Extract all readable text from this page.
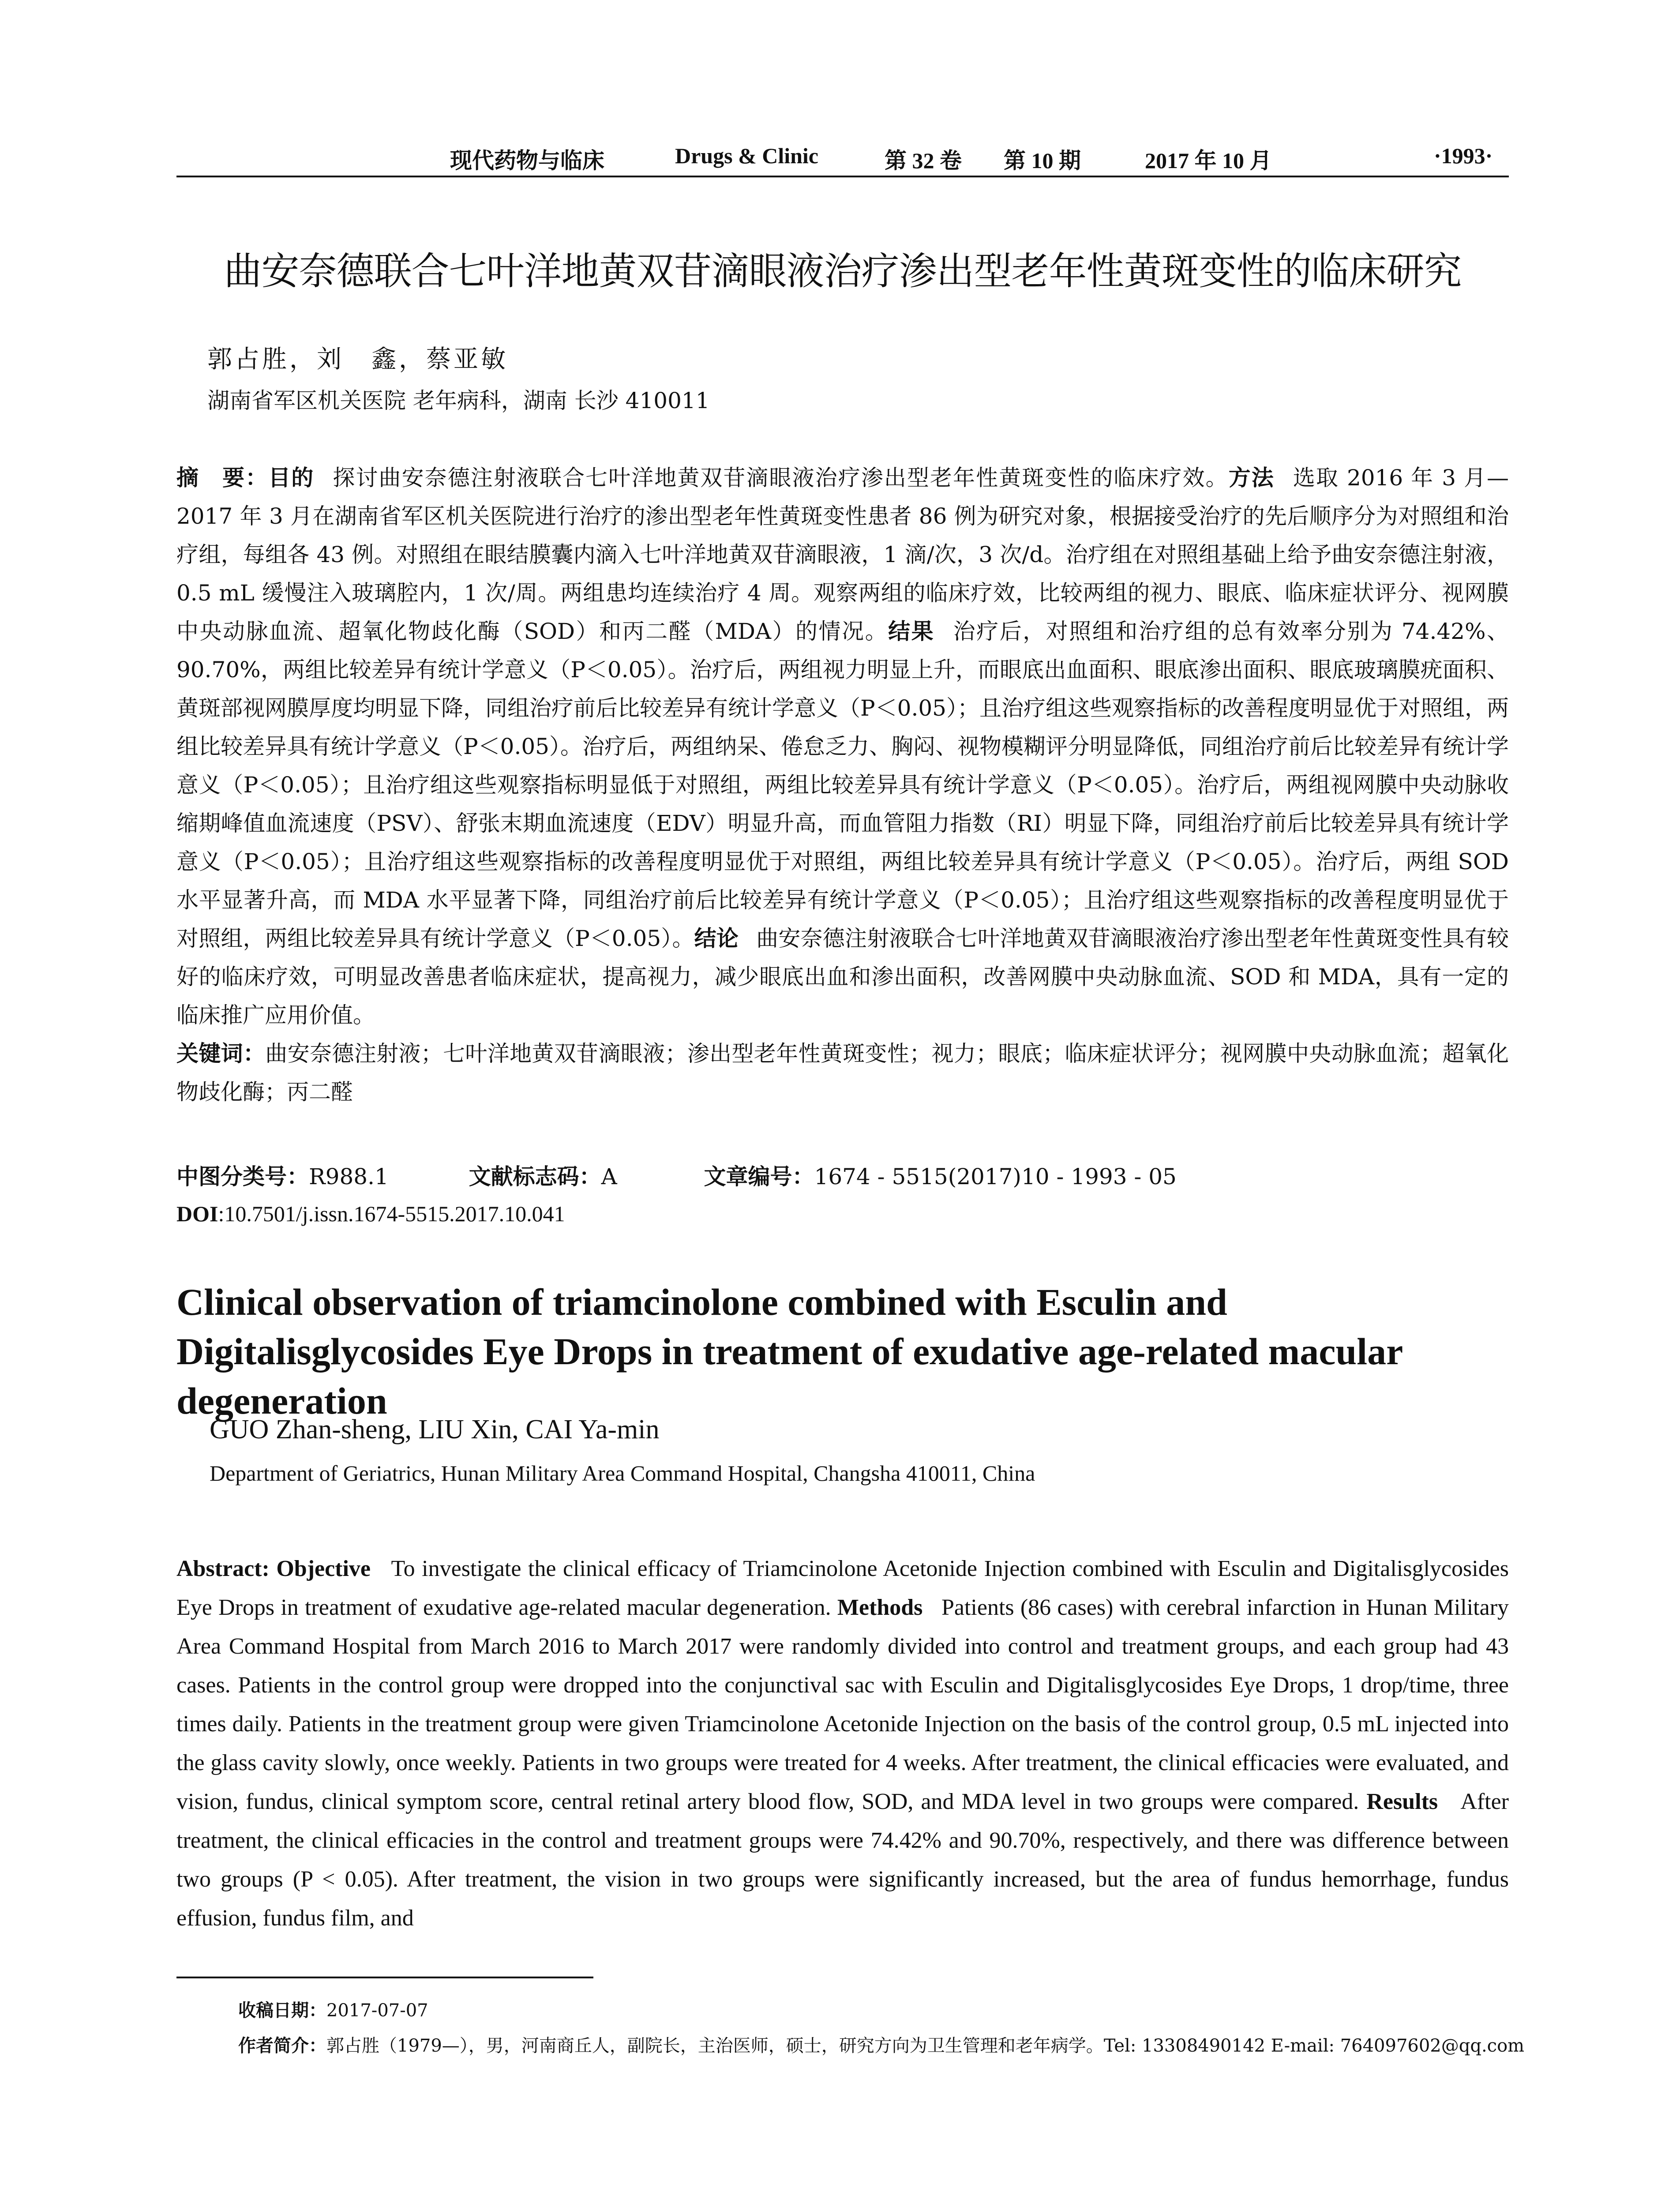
现代药物与临床	Drugs & Clinic	第 32 卷 第 10 期	2017 年 10 月	·1993·
曲安奈德联合七叶洋地黄双苷滴眼液治疗渗出型老年性黄斑变性的临床研究
郭占胜，刘　鑫，蔡亚敏
湖南省军区机关医院 老年病科，湖南 长沙 410011

摘　要：目的 探讨曲安奈德注射液联合七叶洋地黄双苷滴眼液治疗渗出型老年性黄斑变性的临床疗效。方法 选取 2016 年 3 月—2017 年 3 月在湖南省军区机关医院进行治疗的渗出型老年性黄斑变性患者 86 例为研究对象，根据接受治疗的先后顺序分为对照组和治疗组，每组各 43 例。对照组在眼结膜囊内滴入七叶洋地黄双苷滴眼液，1 滴/次，3 次/d。治疗组在对照组基础上给予曲安奈德注射液，0.5 mL 缓慢注入玻璃腔内，1 次/周。两组患均连续治疗 4 周。观察两组的临床疗效，比较两组的视力、眼底、临床症状评分、视网膜中央动脉血流、超氧化物歧化酶（SOD）和丙二醛（MDA）的情况。结果 治疗后，对照组和治疗组的总有效率分别为 74.42%、90.70%，两组比较差异有统计学意义（P＜0.05）。治疗后，两组视力明显上升，而眼底出血面积、眼底渗出面积、眼底玻璃膜疣面积、黄斑部视网膜厚度均明显下降，同组治疗前后比较差异有统计学意义（P＜0.05）；且治疗组这些观察指标的改善程度明显优于对照组，两组比较差异具有统计学意义（P＜0.05）。治疗后，两组纳呆、倦怠乏力、胸闷、视物模糊评分明显降低，同组治疗前后比较差异有统计学意义（P＜0.05）；且治疗组这些观察指标明显低于对照组，两组比较差异具有统计学意义（P＜0.05）。治疗后，两组视网膜中央动脉收缩期峰值血流速度（PSV）、舒张末期血流速度（EDV）明显升高，而血管阻力指数（RI）明显下降，同组治疗前后比较差异具有统计学意义（P＜0.05）；且治疗组这些观察指标的改善程度明显优于对照组，两组比较差异具有统计学意义（P＜0.05）。治疗后，两组 SOD 水平显著升高，而 MDA 水平显著下降，同组治疗前后比较差异有统计学意义（P＜0.05）；且治疗组这些观察指标的改善程度明显优于对照组，两组比较差异具有统计学意义（P＜0.05）。结论 曲安奈德注射液联合七叶洋地黄双苷滴眼液治疗渗出型老年性黄斑变性具有较好的临床疗效，可明显改善患者临床症状，提高视力，减少眼底出血和渗出面积，改善网膜中央动脉血流、SOD 和 MDA，具有一定的临床推广应用价值。

关键词：曲安奈德注射液；七叶洋地黄双苷滴眼液；渗出型老年性黄斑变性；视力；眼底；临床症状评分；视网膜中央动脉血流；超氧化物歧化酶；丙二醛

中图分类号：R988.1	文献标志码：A	文章编号：1674 - 5515(2017)10 - 1993 - 05
DOI:10.7501/j.issn.1674-5515.2017.10.041
Clinical observation of triamcinolone combined with Esculin and Digitalisglycosides Eye Drops in treatment of exudative age-related macular degeneration
GUO Zhan-sheng, LIU Xin, CAI Ya-min
Department of Geriatrics, Hunan Military Area Command Hospital, Changsha 410011, China
Abstract: Objective To investigate the clinical efficacy of Triamcinolone Acetonide Injection combined with Esculin and Digitalisglycosides Eye Drops in treatment of exudative age-related macular degeneration. Methods Patients (86 cases) with cerebral infarction in Hunan Military Area Command Hospital from March 2016 to March 2017 were randomly divided into control and treatment groups, and each group had 43 cases. Patients in the control group were dropped into the conjunctival sac with Esculin and Digitalisglycosides Eye Drops, 1 drop/time, three times daily. Patients in the treatment group were given Triamcinolone Acetonide Injection on the basis of the control group, 0.5 mL injected into the glass cavity slowly, once weekly. Patients in two groups were treated for 4 weeks. After treatment, the clinical efficacies were evaluated, and vision, fundus, clinical symptom score, central retinal artery blood flow, SOD, and MDA level in two groups were compared. Results After treatment, the clinical efficacies in the control and treatment groups were 74.42% and 90.70%, respectively, and there was difference between two groups (P < 0.05). After treatment, the vision in two groups were significantly increased, but the area of fundus hemorrhage, fundus effusion, fundus film, and
收稿日期：2017-07-07
作者简介：郭占胜（1979—），男，河南商丘人，副院长，主治医师，硕士，研究方向为卫生管理和老年病学。Tel: 13308490142 E-mail: 764097602@qq.com
